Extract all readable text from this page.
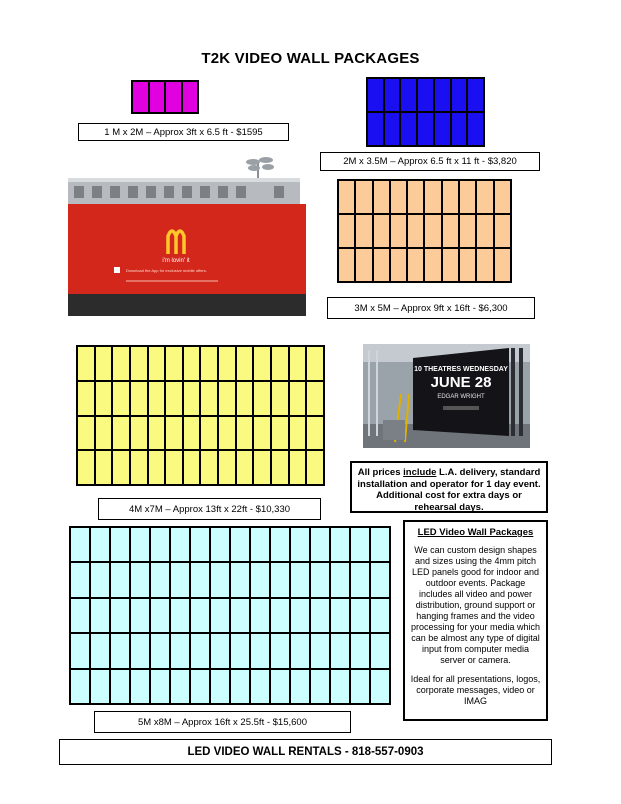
T2K VIDEO WALL PACKAGES
1 M x 2M – Approx 3ft x 6.5 ft - $1595
2M x 3.5M – Approx 6.5 ft x 11 ft - $3,820
i'm lovin' it
Download the App for exclusive mobile offers.
3M x 5M – Approx 9ft x 16ft - $6,300
4M x7M – Approx 13ft x 22ft - $10,330
10 THEATRES WEDNESDAY
JUNE 28
EDGAR WRIGHT
All prices include L.A. delivery, standard installation and operator for 1 day event. Additional cost for extra days or rehearsal days.
5M x8M – Approx 16ft x 25.5ft - $15,600
LED Video Wall Packages

We can custom design shapes and sizes using the 4mm pitch LED panels good for indoor and outdoor events. Package includes all video and power distribution, ground support or hanging frames and the video processing for your media which can be almost any type of digital input from computer media server or camera.

Ideal for all presentations, logos, corporate messages, video or IMAG

LED VIDEO WALL RENTALS - 818-557-0903
